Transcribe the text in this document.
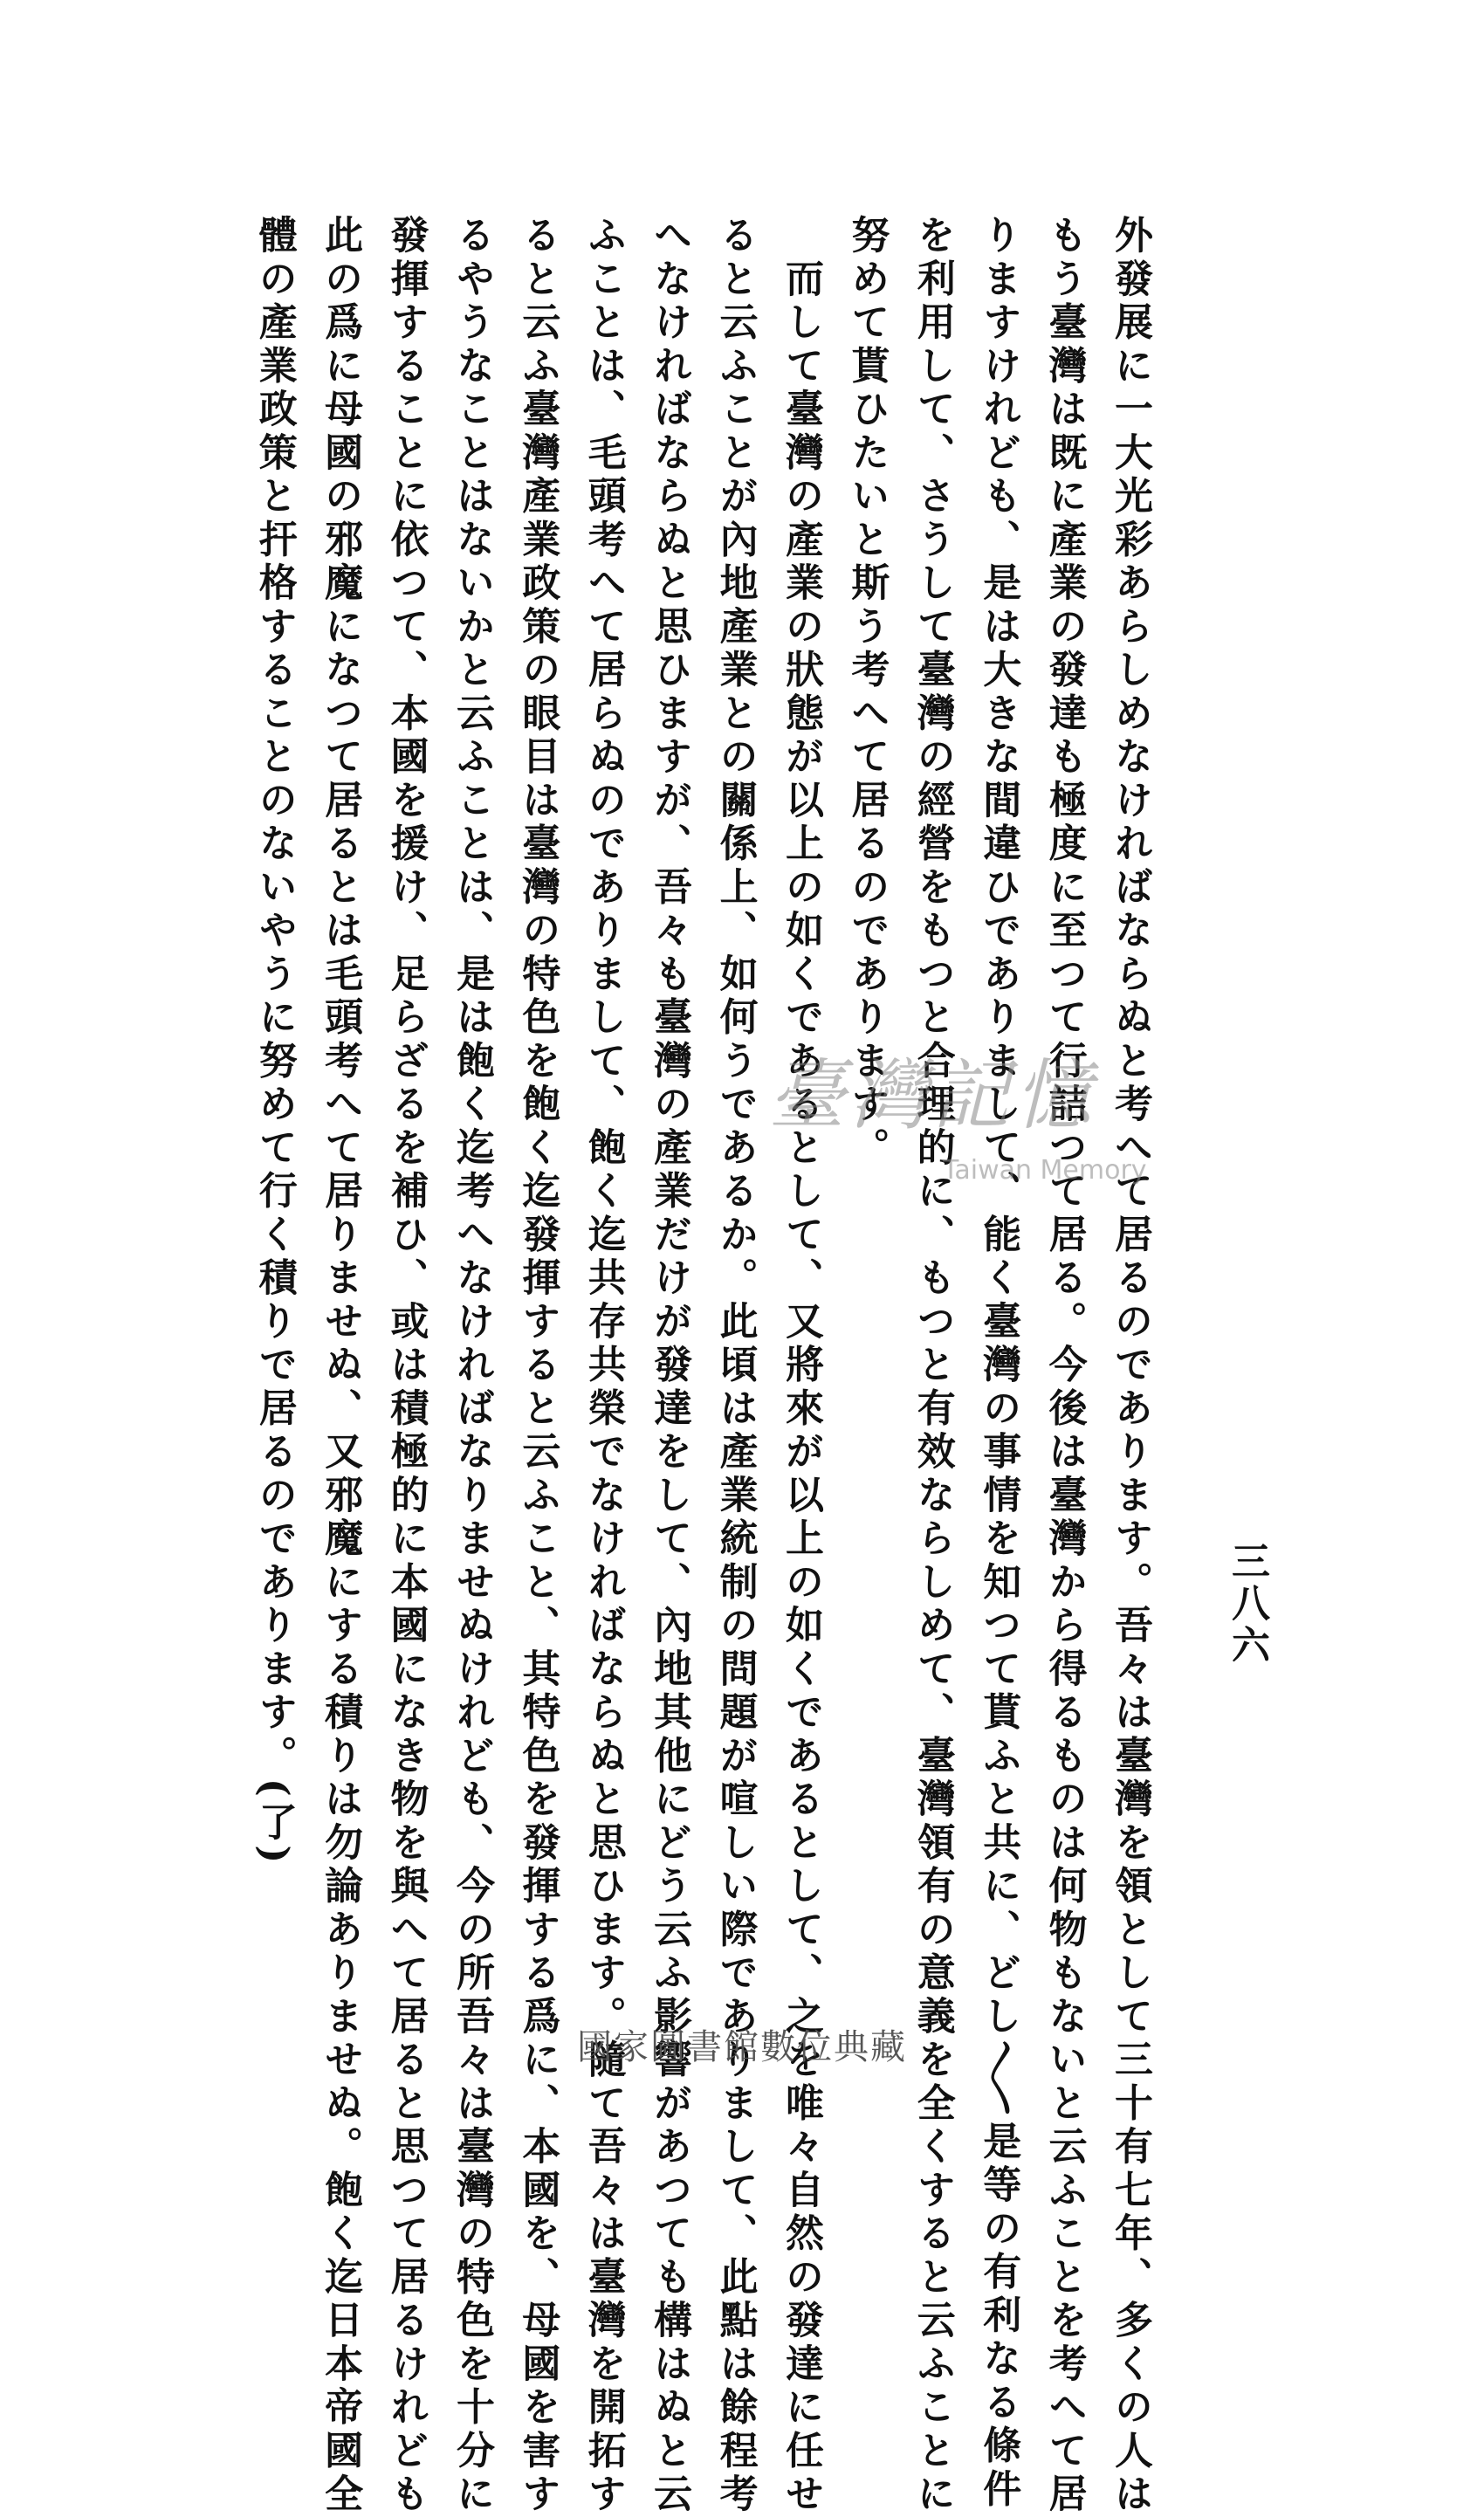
三八六

外發展に一大光彩あらしめなければならぬと考へて居るのであります。吾々は臺灣を領として三十有七年、多くの人は

もう臺灣は既に產業の發達も極度に至つて行詰つて居る。今後は臺灣から得るものは何物もないと云ふことを考へて居

りますけれども、是は大きな間違ひでありまして、能く臺灣の事情を知つて貰ふと共に、どし〳〵是等の有利なる條件

を利用して、さうして臺灣の經營をもつと合理的に、もつと有效ならしめて、臺灣領有の意義を全くすると云ふことに

努めて貰ひたいと斯う考へて居るのであります。

　而して臺灣の產業の狀態が以上の如くであるとして、又將來が以上の如くであるとして、之を唯々自然の發達に任せ

ると云ふことが內地產業との關係上、如何うであるか。此頃は產業統制の問題が喧しい際でありまして、此點は餘程考

へなければならぬと思ひますが、吾々も臺灣の產業だけが發達をして、內地其他にどう云ふ影響があつても構はぬと云

ふことは、毛頭考へて居らぬのでありまして、飽く迄共存共榮でなければならぬと思ひます。隨て吾々は臺灣を開拓す

ると云ふ臺灣產業政策の眼目は臺灣の特色を飽く迄發揮すると云ふこと、其特色を發揮する爲に、本國を、母國を害す

るやうなことはないかと云ふことは、是は飽く迄考へなければなりませぬけれども、今の所吾々は臺灣の特色を十分に

發揮することに依つて、本國を援け、足らざるを補ひ、或は積極的に本國になき物を與へて居ると思つて居るけれども

此の爲に母國の邪魔になつて居るとは毛頭考へて居りませぬ、又邪魔にする積りは勿論ありませぬ。飽く迄日本帝國全

體の產業政策と扞格することのないやうに努めて行く積りで居るのであります。(了)	臺灣記憶
Taiwan Memory
國家圖書館數位典藏
